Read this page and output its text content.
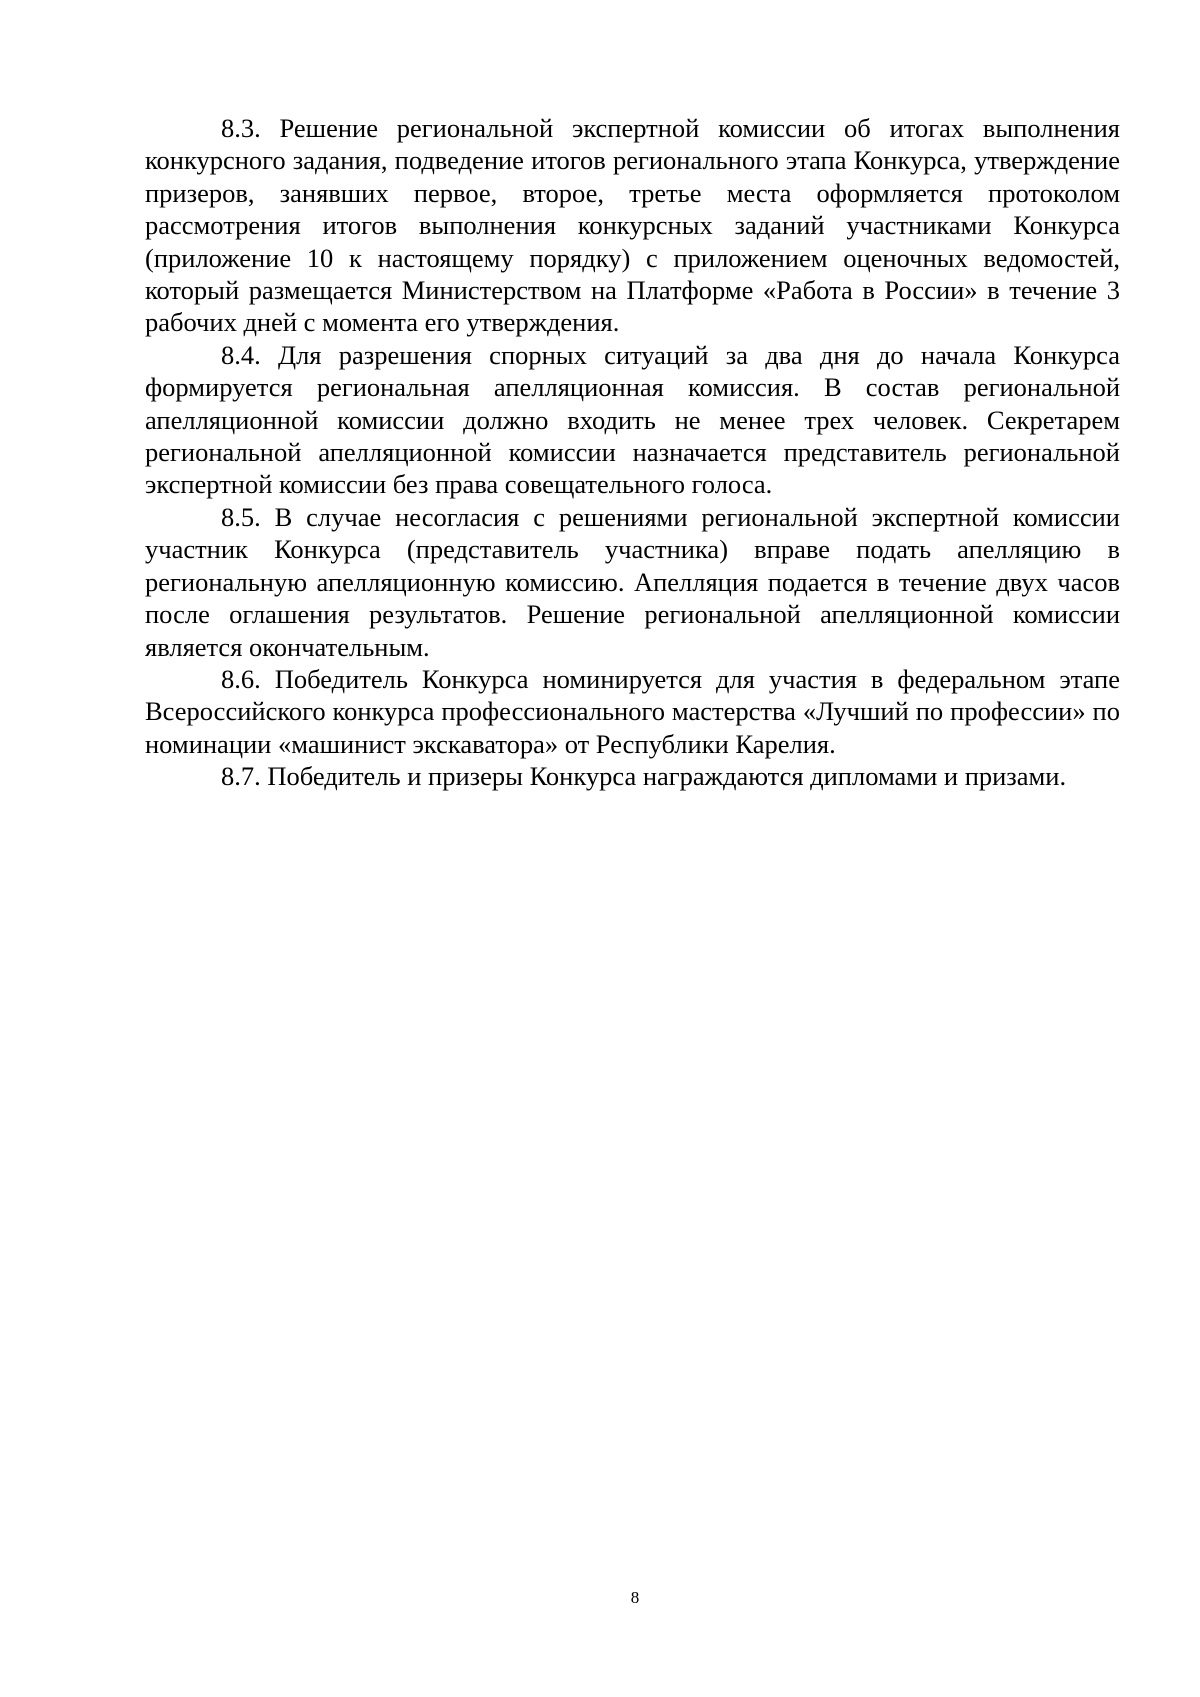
8.3. Решение региональной экспертной комиссии об итогах выполнения конкурсного задания, подведение итогов регионального этапа Конкурса, утверждение призеров, занявших первое, второе, третье места оформляется протоколом рассмотрения итогов выполнения конкурсных заданий участниками Конкурса (приложение 10 к настоящему порядку) с приложением оценочных ведомостей, который размещается Министерством на Платформе «Работа в России» в течение 3 рабочих дней с момента его утверждения.

8.4. Для разрешения спорных ситуаций за два дня до начала Конкурса формируется региональная апелляционная комиссия. В состав региональной апелляционной комиссии должно входить не менее трех человек. Секретарем региональной апелляционной комиссии назначается представитель региональной экспертной комиссии без права совещательного голоса.

8.5. В случае несогласия с решениями региональной экспертной комиссии участник Конкурса (представитель участника) вправе подать апелляцию в региональную апелляционную комиссию. Апелляция подается в течение двух часов после оглашения результатов. Решение региональной апелляционной комиссии является окончательным.

8.6. Победитель Конкурса номинируется для участия в федеральном этапе Всероссийского конкурса профессионального мастерства «Лучший по профессии» по номинации «машинист экскаватора» от Республики Карелия.

8.7. Победитель и призеры Конкурса награждаются дипломами и призами.

8
